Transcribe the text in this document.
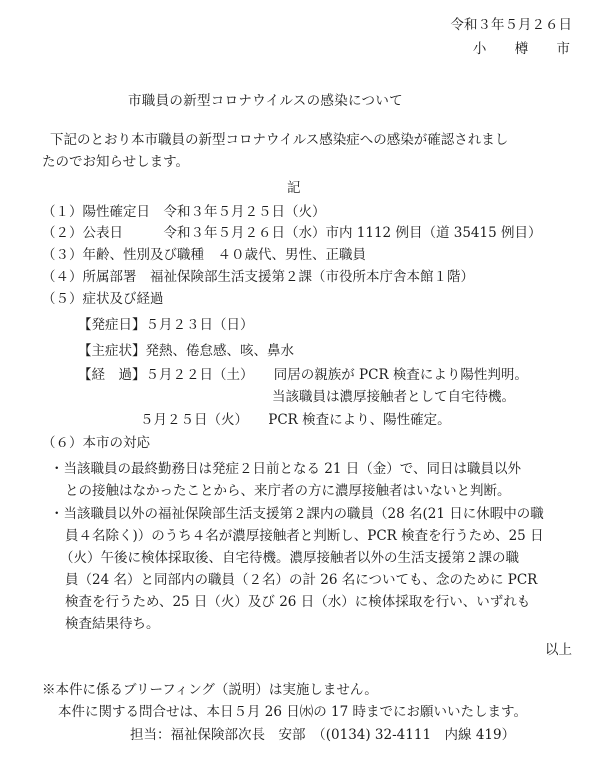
令和３年５月２６日
小 樽 市
市職員の新型コロナウイルスの感染について
下記のとおり本市職員の新型コロナウイルス感染症への感染が確認されまし
たのでお知らせします。
記
（１）陽性確定日　令和３年５月２５日（火）
（２）公表日　　　令和３年５月２６日（水）市内 1112 例目（道 35415 例目）
（３）年齢、性別及び職種　４０歳代、男性、正職員
（４）所属部署　福祉保険部生活支援第２課（市役所本庁舎本館１階）
（５）症状及び経過
【発症日】５月２３日（日）
【主症状】発熱、倦怠感、咳、鼻水
【経　過】５月２２日（土）　　同居の親族が PCR 検査により陽性判明。
当該職員は濃厚接触者として自宅待機。
５月２５日（火）　　PCR 検査により、陽性確定。
（６）本市の対応
・当該職員の最終勤務日は発症２日前となる 21 日（金）で、同日は職員以外
との接触はなかったことから、来庁者の方に濃厚接触者はいないと判断。
・当該職員以外の福祉保険部生活支援第２課内の職員（28 名(21 日に休暇中の職
員４名除く)）のうち４名が濃厚接触者と判断し、PCR 検査を行うため、25 日
（火）午後に検体採取後、自宅待機。濃厚接触者以外の生活支援第２課の職
員（24 名）と同部内の職員（２名）の計 26 名についても、念のために PCR
検査を行うため、25 日（火）及び 26 日（水）に検体採取を行い、いずれも
検査結果待ち。
以上
※本件に係るブリーフィング（説明）は実施しません。
本件に関する問合せは、本日５月 26 日㈬の 17 時までにお願いいたします。
担当：福祉保険部次長　安部　（(0134) 32-4111　内線 419）
